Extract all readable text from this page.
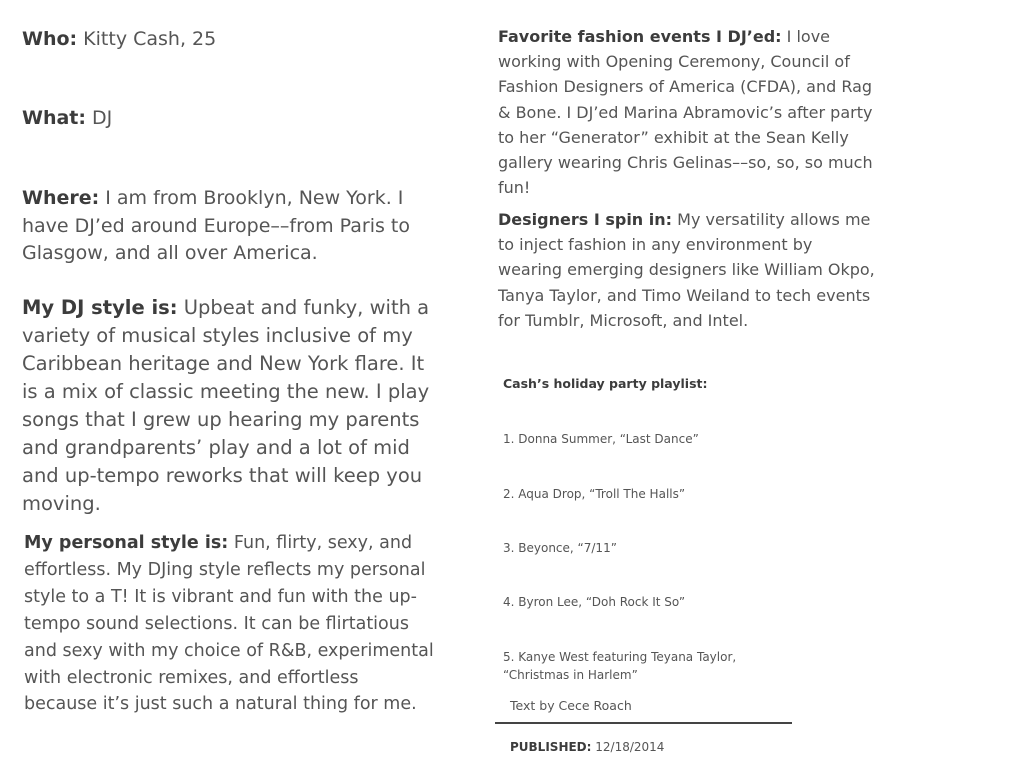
Who: Kitty Cash, 25

What: DJ

Where: I am from Brooklyn, New York. I have DJ’ed around Europe––from Paris to Glasgow, and all over America.

My DJ style is: Upbeat and funky, with a variety of musical styles inclusive of my Caribbean heritage and New York flare. It is a mix of classic meeting the new. I play songs that I grew up hearing my parents and grandparents’ play and a lot of mid and up-tempo reworks that will keep you moving.

My personal style is: Fun, flirty, sexy, and effortless. My DJing style reflects my personal style to a T! It is vibrant and fun with the up-tempo sound selections. It can be flirtatious and sexy with my choice of R&B, experimental with electronic remixes, and effortless because it’s just such a natural thing for me.

Favorite fashion events I DJ’ed: I love working with Opening Ceremony, Council of Fashion Designers of America (CFDA), and Rag & Bone. I DJ’ed Marina Abramovic’s after party to her “Generator” exhibit at the Sean Kelly gallery wearing Chris Gelinas––so, so, so much fun!

Designers I spin in: My versatility allows me to inject fashion in any environment by wearing emerging designers like William Okpo, Tanya Taylor, and Timo Weiland to tech events for Tumblr, Microsoft, and Intel.

Cash’s holiday party playlist:

1. Donna Summer, “Last Dance”

2. Aqua Drop, “Troll The Halls”

3. Beyonce, “7/11”

4. Byron Lee, “Doh Rock It So”

5. Kanye West featuring Teyana Taylor, “Christmas in Harlem”

Text by Cece Roach

PUBLISHED: 12/18/2014
